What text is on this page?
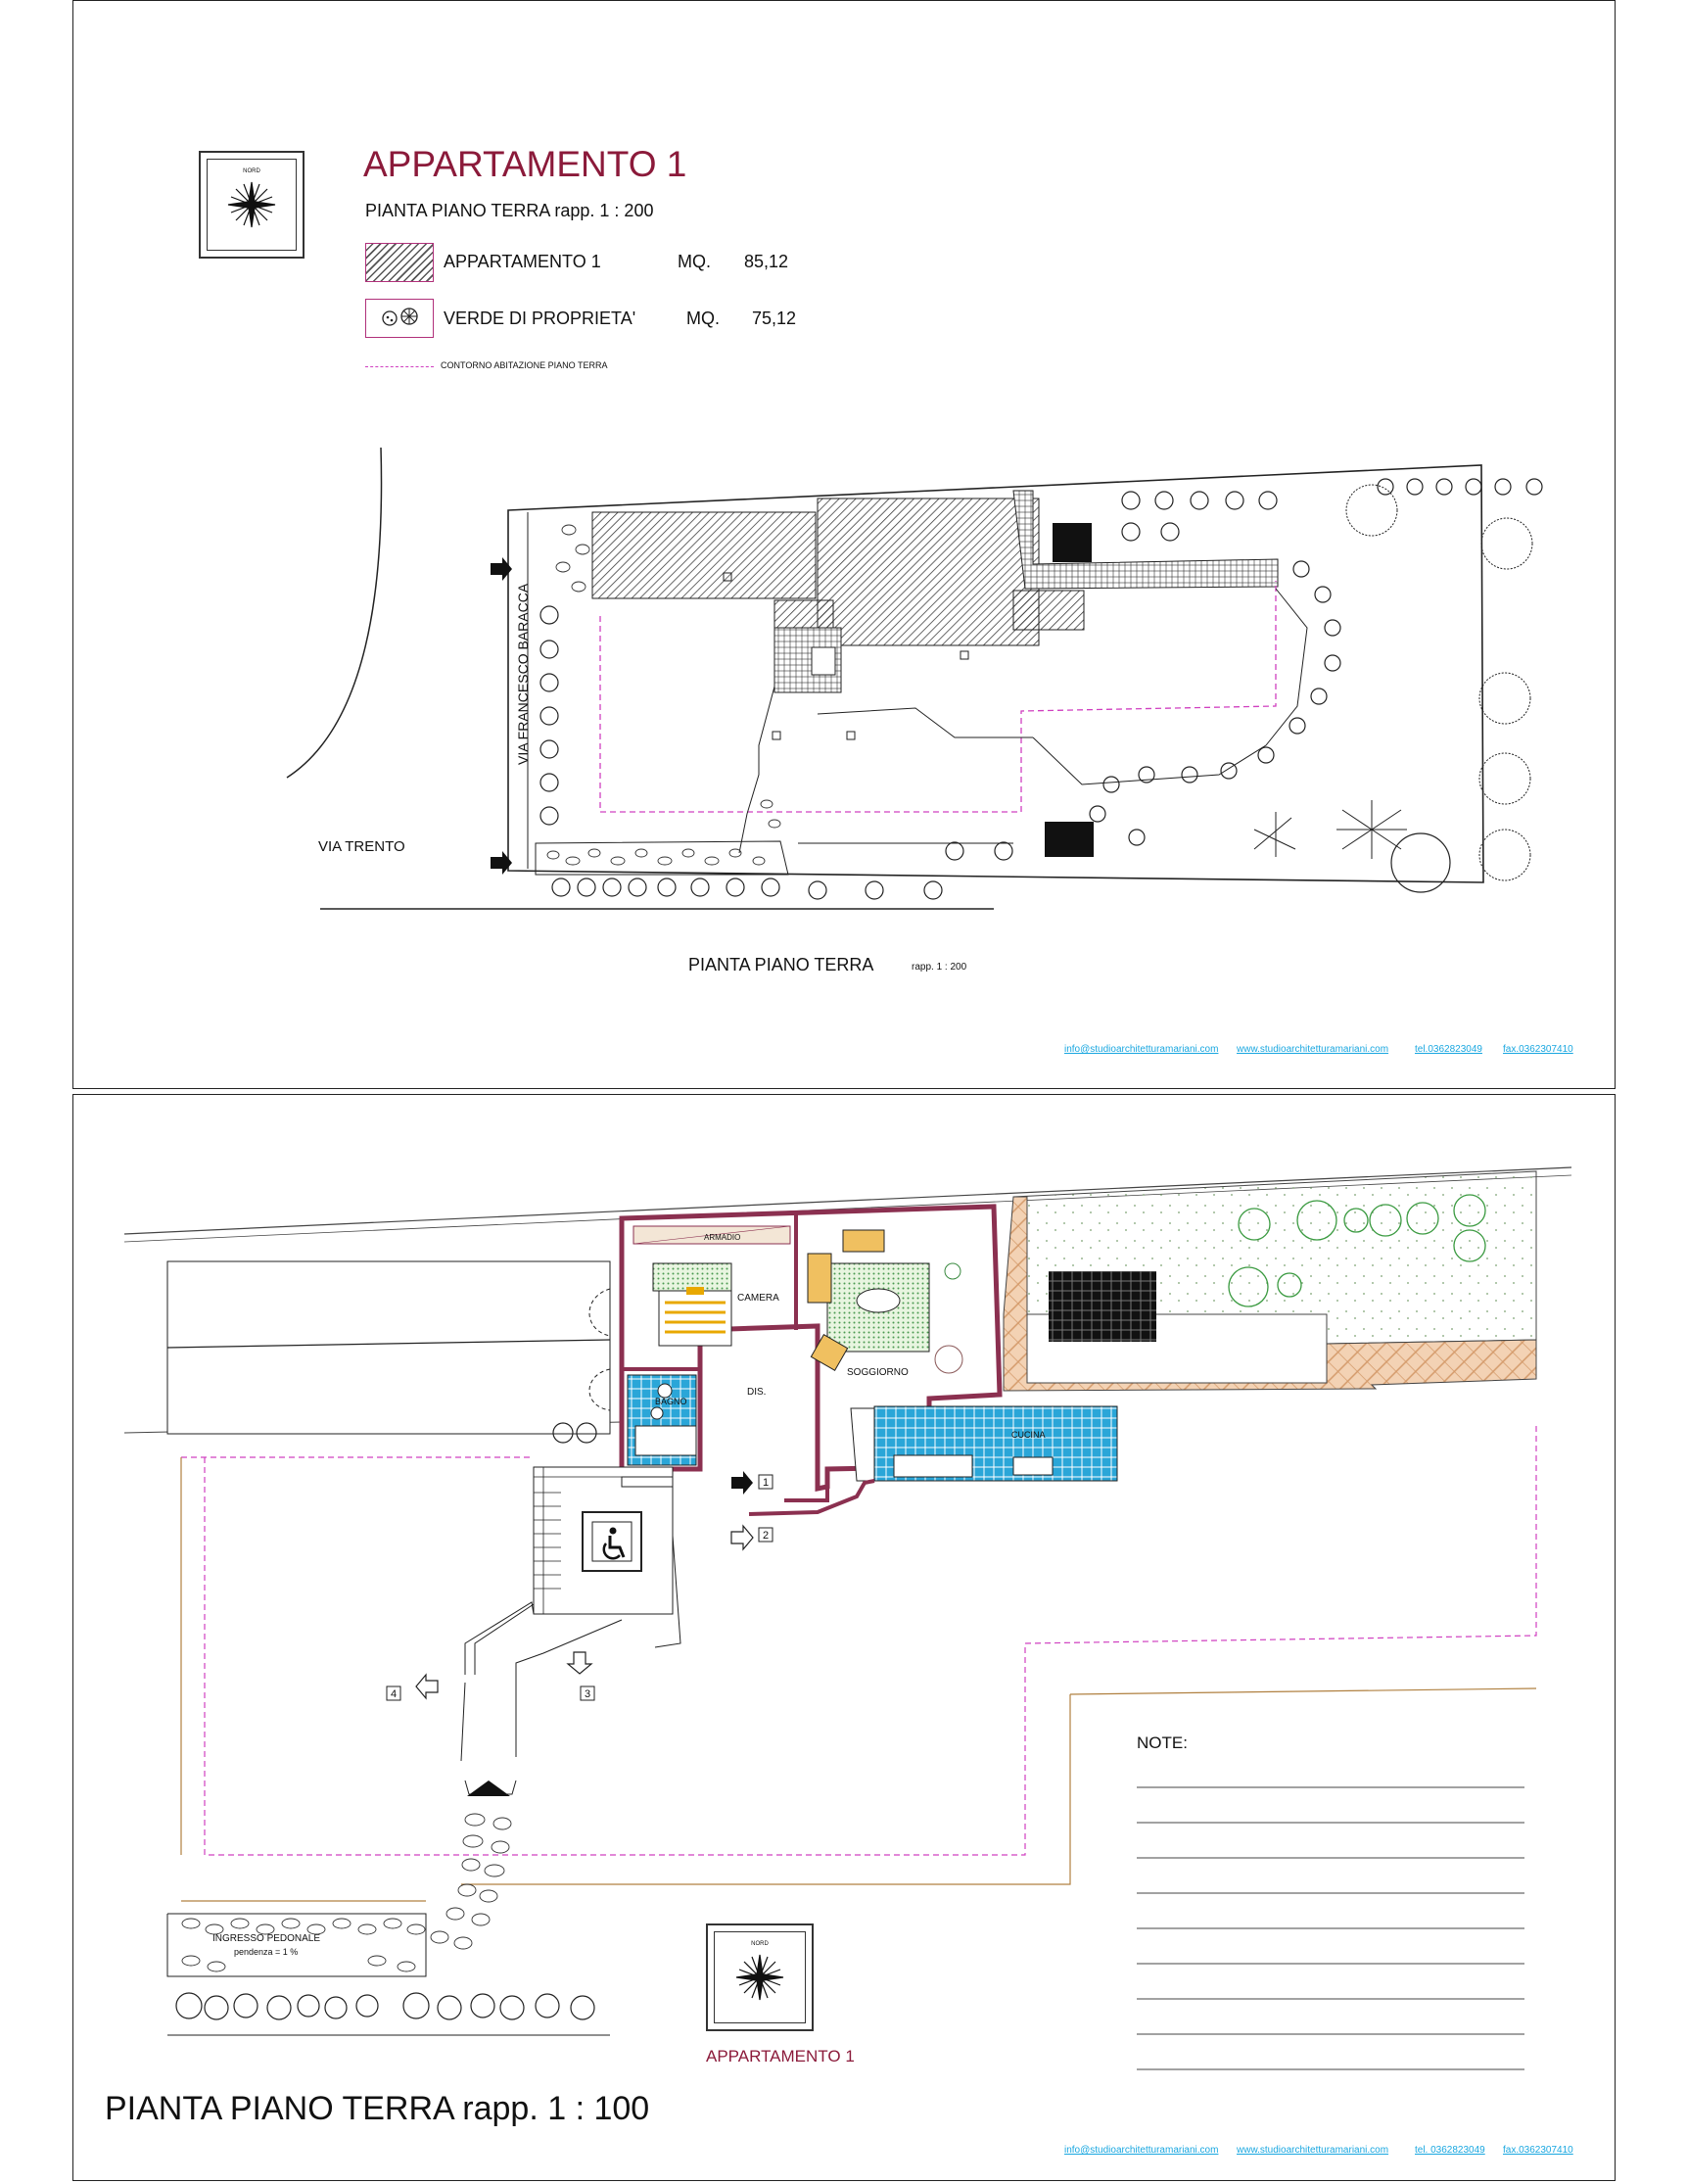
NORD	APPARTAMENTO 1
PIANTA PIANO TERRA rapp. 1 : 200
APPARTAMENTO 1	MQ. 85,12
VERDE DI PROPRIETA'	MQ. 75,12
CONTORNO ABITAZIONE PIANO TERRA
VIA FRANCESCO BARACCA
VIA TRENTO
PIANTA PIANO TERRA	rapp. 1 : 200
info@studioarchitetturamariani.com www.studioarchitetturamariani.com	tel.0362823049 fax.0362307410
1
2
3
4
ARMADIO
CAMERA
SOGGIORNO
BAGNO
DIS.
CUCINA
INGRESSO PEDONALE
pendenza = 1 %
NOTE:
NORD
APPARTAMENTO 1
PIANTA PIANO TERRA rapp. 1 : 100
info@studioarchitetturamariani.com www.studioarchitetturamariani.com	tel. 0362823049 fax.0362307410
